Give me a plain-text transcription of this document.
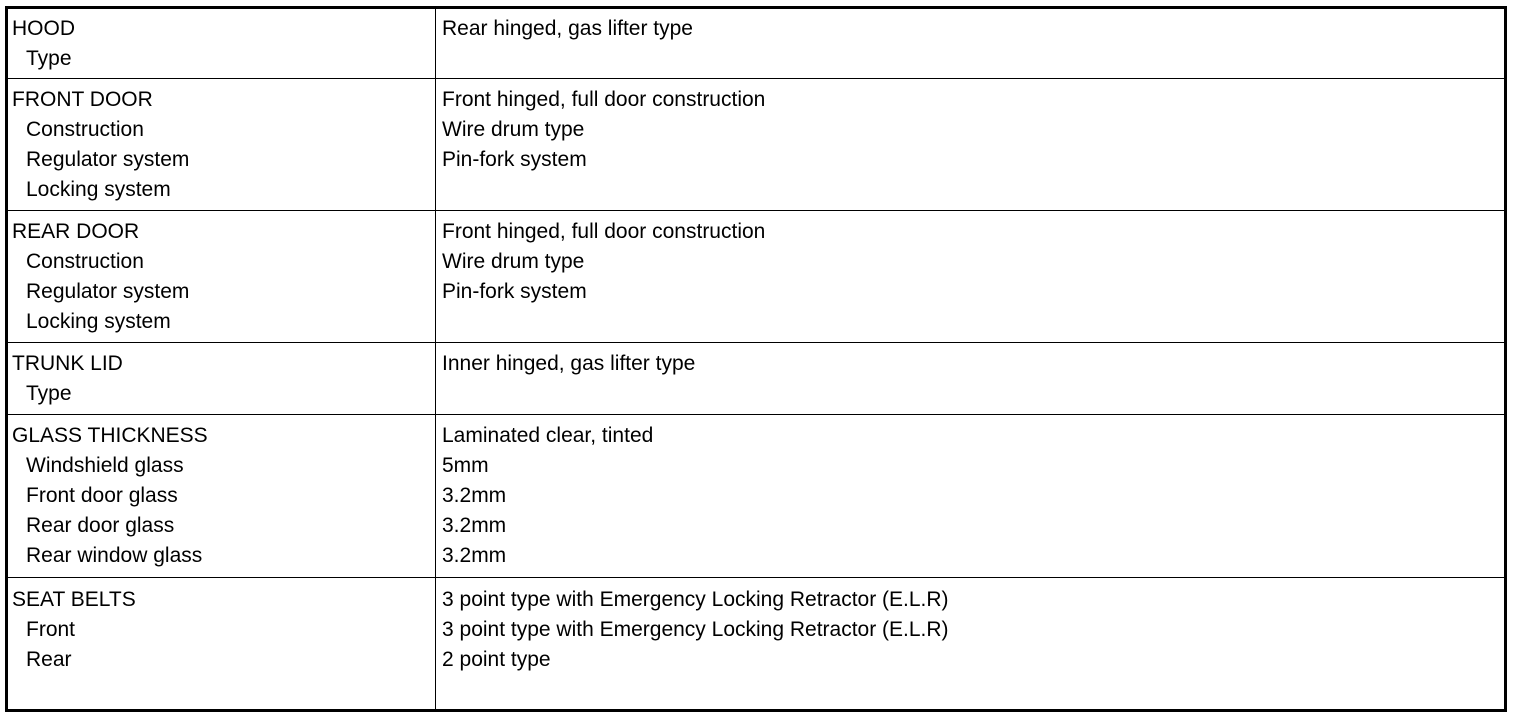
HOOD
Type
Rear hinged, gas lifter type
FRONT DOOR
Construction
Regulator system
Locking system
Front hinged, full door construction
Wire drum type
Pin-fork system
REAR DOOR
Construction
Regulator system
Locking system
Front hinged, full door construction
Wire drum type
Pin-fork system
TRUNK LID
Type
Inner hinged, gas lifter type
GLASS THICKNESS
Windshield glass
Front door glass
Rear door glass
Rear window glass
Laminated clear, tinted
5mm
3.2mm
3.2mm
3.2mm
SEAT BELTS
Front
Rear
3 point type with Emergency Locking Retractor (E.L.R)
3 point type with Emergency Locking Retractor (E.L.R)
2 point type
